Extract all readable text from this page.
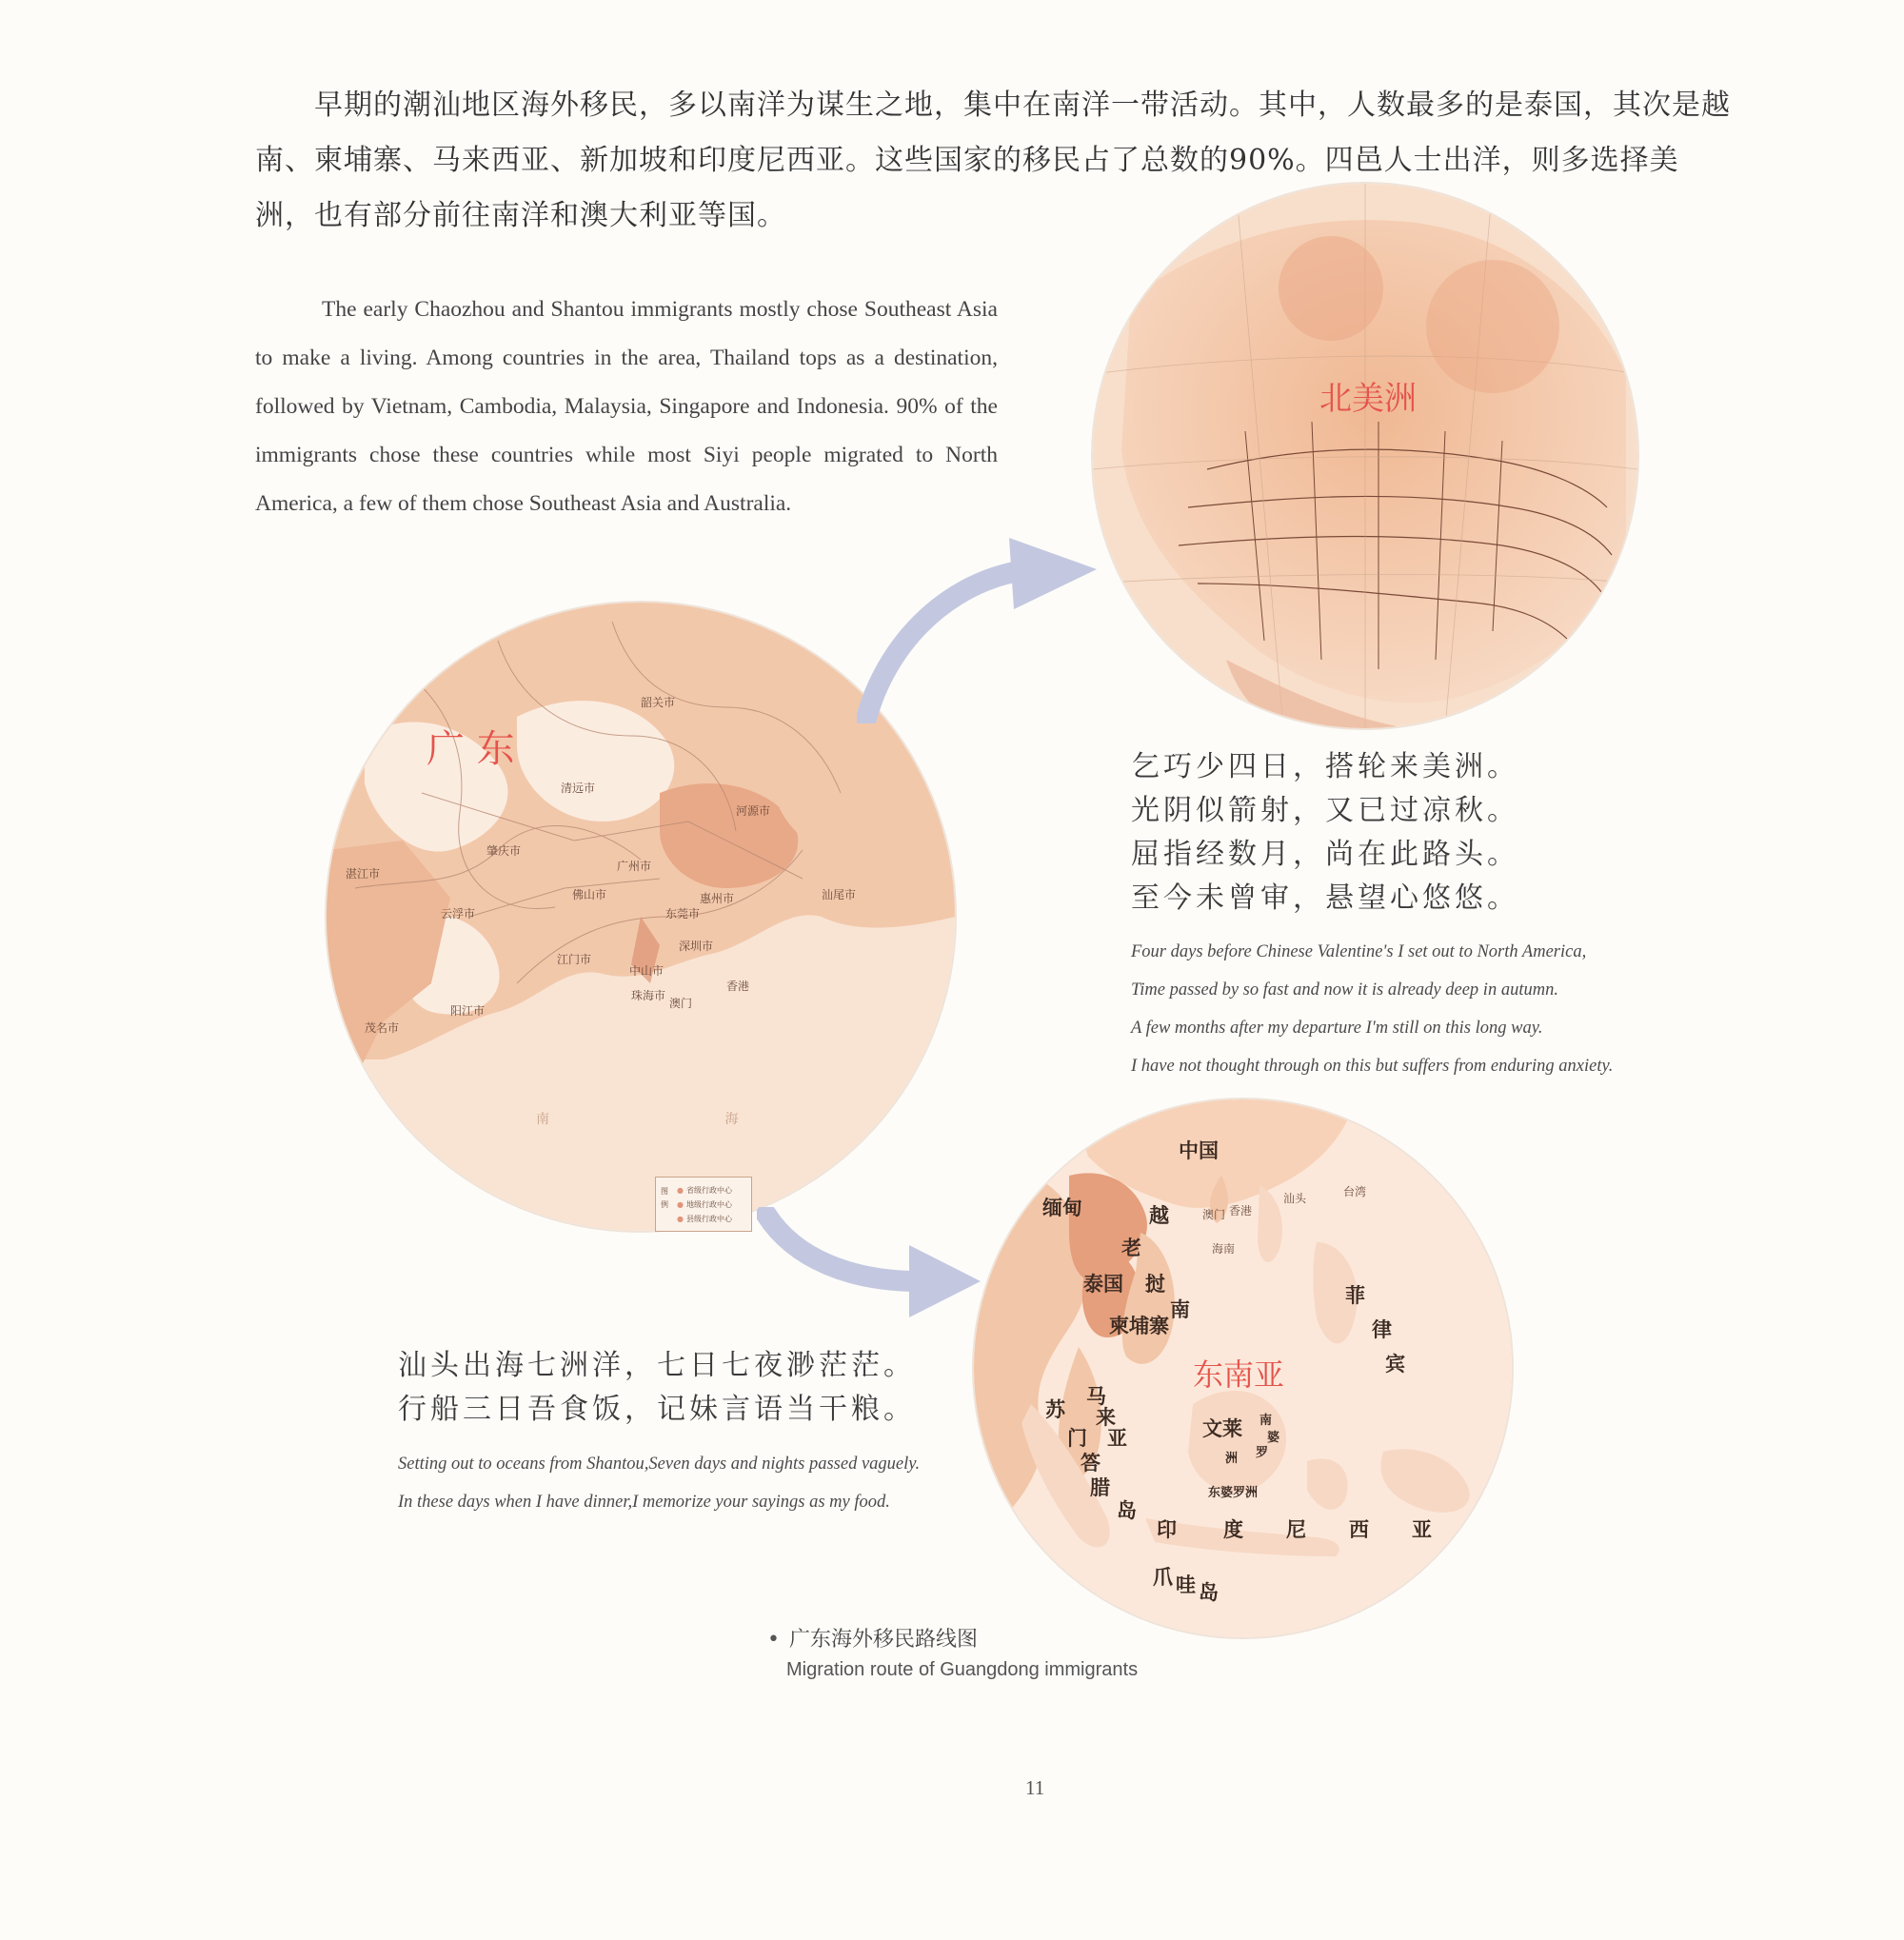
早期的潮汕地区海外移民，多以南洋为谋生之地，集中在南洋一带活动。其中，人数最多的是泰国，其次是越南、柬埔寨、马来西亚、新加坡和印度尼西亚。这些国家的移民占了总数的90%。四邑人士出洋，则多选择美洲，也有部分前往南洋和澳大利亚等国。

The early Chaozhou and Shantou immigrants mostly chose Southeast Asia to make a living. Among countries in the area, Thailand tops as a destination, followed by Vietnam, Cambodia, Malaysia, Singapore and Indonesia. 90% of the immigrants chose these countries while most Siyi people migrated to North America, a few of them chose Southeast Asia and Australia.

北美洲
广 东
广州市
佛山市	惠州市
东莞市
深圳市
中山市
珠海市
江门市
香港
澳门
清远市
肇庆市
河源市
云浮市
阳江市
茂名市
湛江市
汕尾市
韶关市
南 海
图例
● 省级行政中心
● 地级行政中心
● 县级行政中心
中国
缅甸	越
老
挝
泰国
柬埔寨
南
菲
律
宾
马
来
亚
苏
门
答
腊
岛
文莱 南
婆
罗
洲
东婆罗洲
印 度 尼 西 亚
爪 哇 岛
汕头	台湾
澳门 香港
海南
东南亚
乞巧少四日，搭轮来美洲。
光阴似箭射，又已过凉秋。
屈指经数月，尚在此路头。
至今未曾审，悬望心悠悠。
Four days before Chinese Valentine's I set out to North America,
Time passed by so fast and now it is already deep in autumn.
A few months after my departure I'm still on this long way.
I have not thought through on this but suffers from enduring anxiety.
汕头出海七洲洋，七日七夜渺茫茫。
行船三日吾食饭，记妹言语当干粮。
Setting out to oceans from Shantou,Seven days and nights passed vaguely.
In these days when I have dinner,I memorize your sayings as my food.
• 广东海外移民路线图
Migration route of Guangdong immigrants
11
